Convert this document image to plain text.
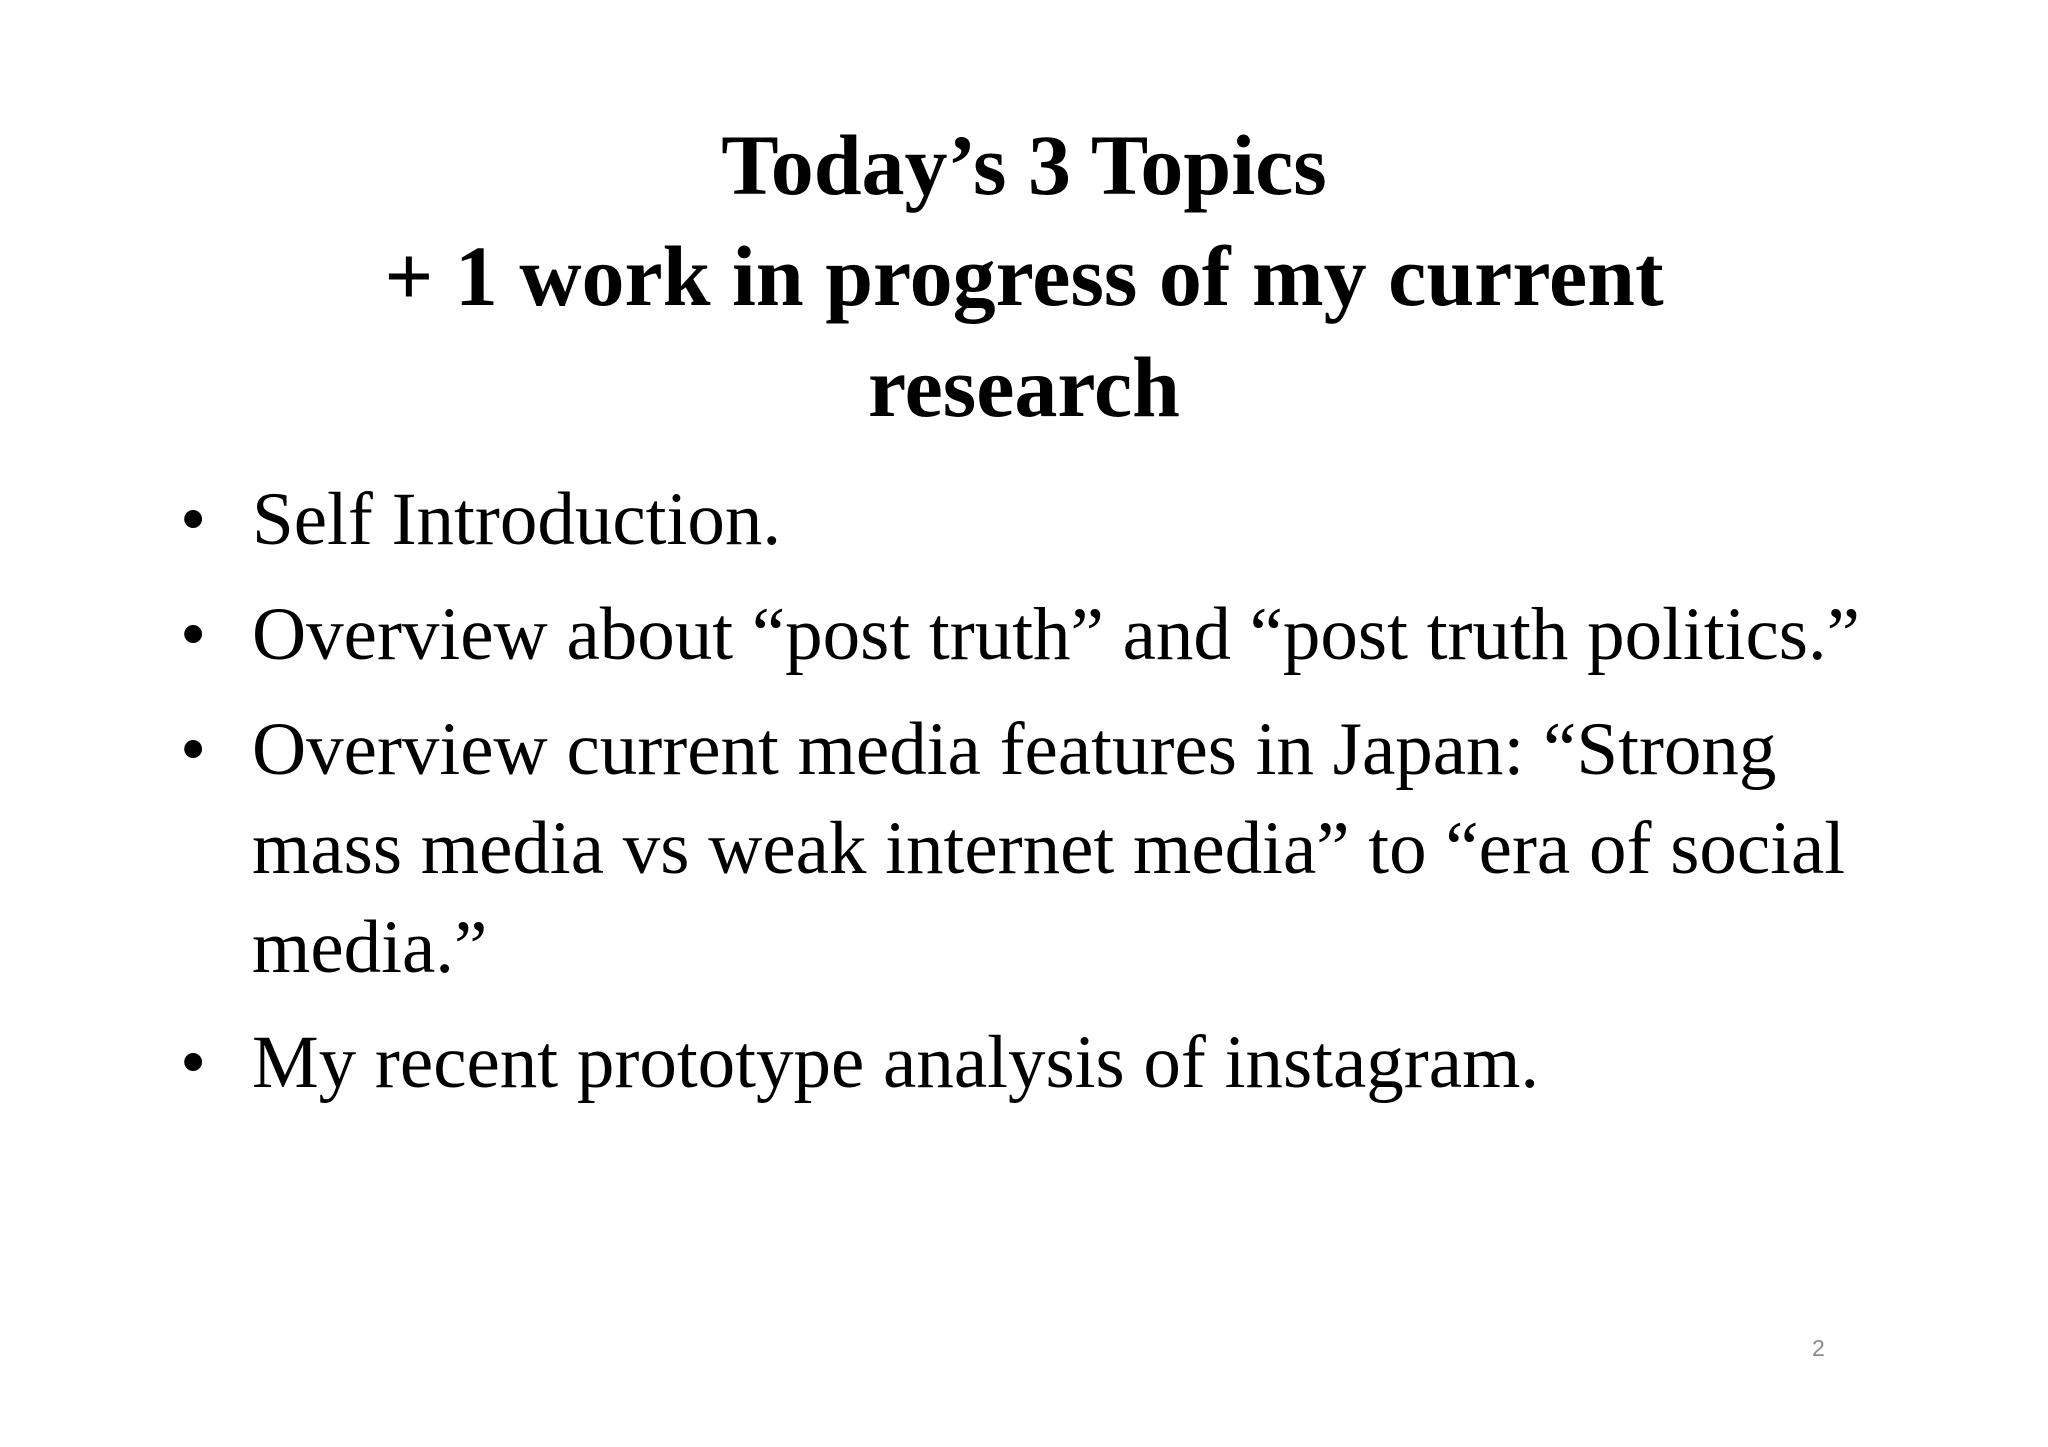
Today’s 3 Topics
+ 1 work in progress of my current
research
• Self Introduction.
• Overview about “post truth” and “post truth politics.”
• Overview current media features in Japan: “Strong mass media vs weak internet media” to “era of social media.”
• My recent prototype analysis of instagram.
2
